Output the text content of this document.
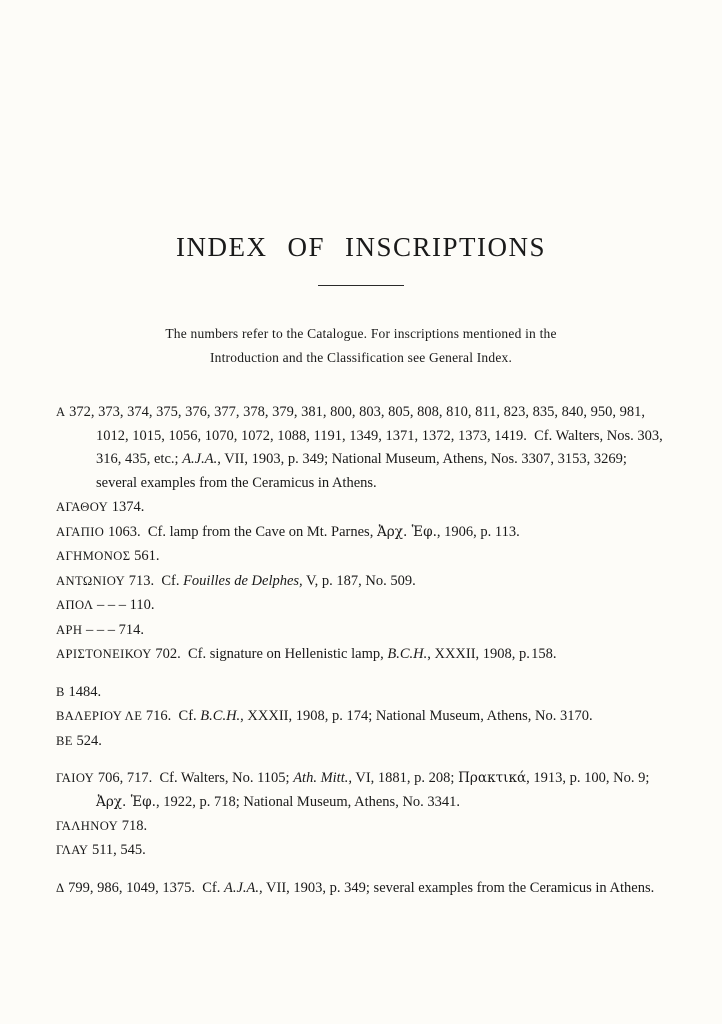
INDEX OF INSCRIPTIONS
The numbers refer to the Catalogue. For inscriptions mentioned in the
Introduction and the Classification see General Index.

Α 372, 373, 374, 375, 376, 377, 378, 379, 381, 800, 803, 805, 808, 810, 811, 823, 835, 840, 950, 981, 1012, 1015, 1056, 1070, 1072, 1088, 1191, 1349, 1371, 1372, 1373, 1419.  Cf. Walters, Nos. 303, 316, 435, etc.; A.J.A., VII, 1903, p. 349; National Museum, Athens, Nos. 3307, 3153, 3269; several examples from the Ceramicus in Athens.

ΑΓΑΘΟΥ 1374.

ΑΓΑΠΙΟ 1063.  Cf. lamp from the Cave on Mt. Parnes, Ἀρχ. Ἑφ., 1906, p. 113.

ΑΓΗΜΟΝΟΣ 561.

ΑΝΤΩΝΙΟΥ 713.  Cf. Fouilles de Delphes, V, p. 187, No. 509.

ΑΠΟΛ – – – 110.

ΑΡΗ – – – 714.

ΑΡΙΣΤΟΝΕΙΚΟΥ 702.  Cf. signature on Hellenistic lamp, B.C.H., XXXII, 1908, p. 158.

Β 1484.

ΒΑΛΕΡΙΟΥ ΛΕ 716.  Cf. B.C.H., XXXII, 1908, p. 174; National Museum, Athens, No. 3170.

ΒΕ 524.

ΓΑΙΟΥ 706, 717.  Cf. Walters, No. 1105; Ath. Mitt., VI, 1881, p. 208; Πρακτικά, 1913, p. 100, No. 9; Ἀρχ. Ἑφ., 1922, p. 718; National Museum, Athens, No. 3341.

ΓΑΛΗΝΟΥ 718.

ΓΛΑΥ 511, 545.

Δ 799, 986, 1049, 1375.  Cf. A.J.A., VII, 1903, p. 349; several examples from the Ceramicus in Athens.
